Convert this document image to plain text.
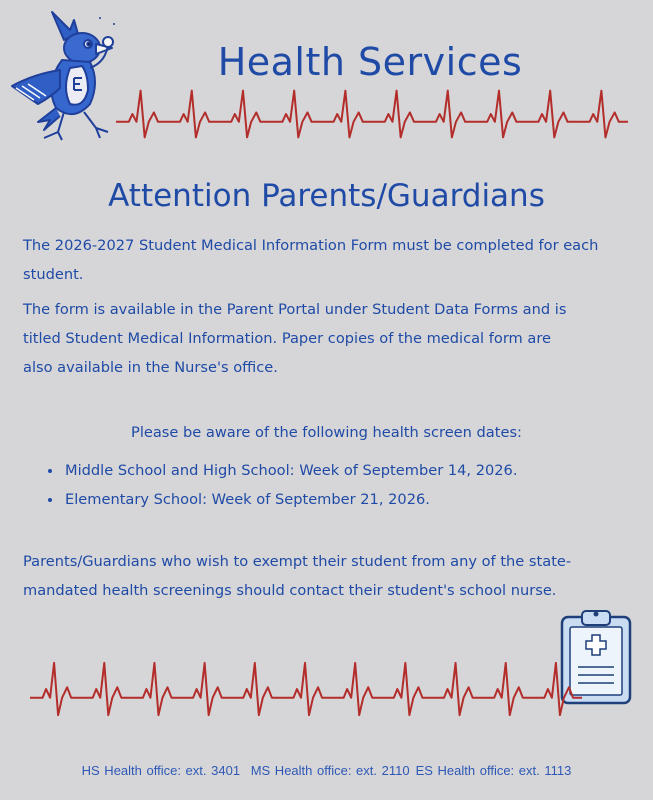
Health Services
Attention Parents/Guardians
The 2026-2027 Student Medical Information Form must be completed for each student.
The form is available in the Parent Portal under Student Data Forms and is titled Student Medical Information. Paper copies of the medical form are also available in the Nurse's office.
Please be aware of the following health screen dates:
• Middle School and High School: Week of September 14, 2026.
• Elementary School: Week of September 21, 2026.
Parents/Guardians who wish to exempt their student from any of the state-mandated health screenings should contact their student's school nurse.
HS Health office: ext. 3401 MS Health office: ext. 2110 ES Health office: ext. 1113
